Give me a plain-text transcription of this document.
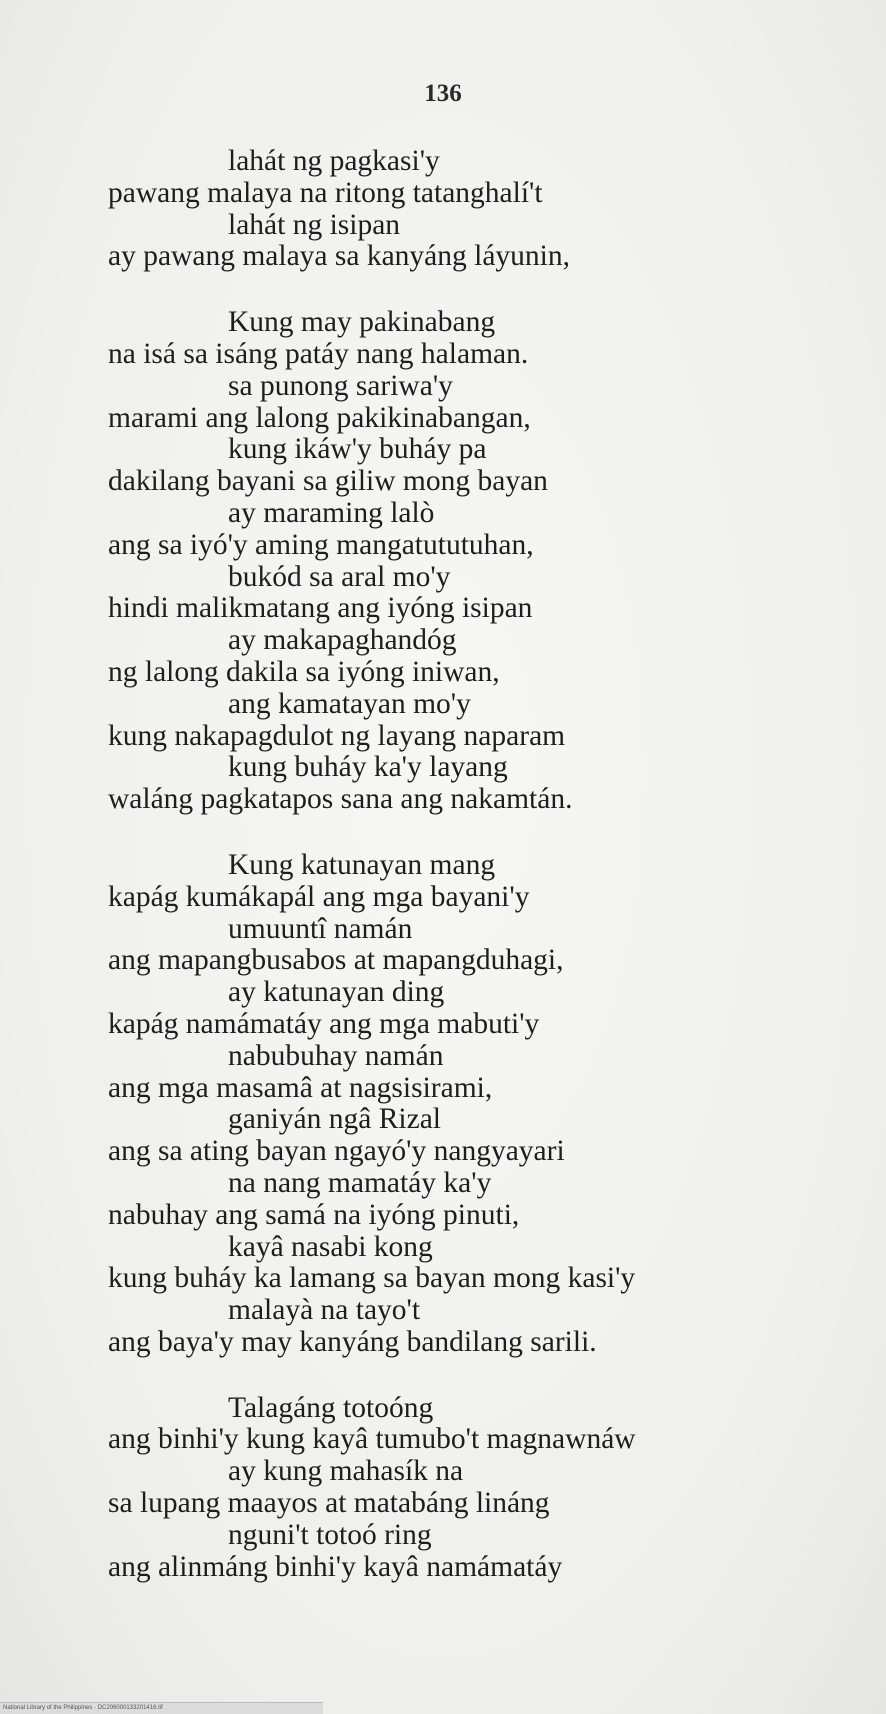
136
lahát ng pagkasi'y
pawang malaya na ritong tatanghalí't
lahát ng isipan
ay pawang malaya sa kanyáng láyunin,
Kung may pakinabang
na isá sa isáng patáy nang halaman.
sa punong sariwa'y
marami ang lalong pakikinabangan,
kung ikáw'y buháy pa
dakilang bayani sa giliw mong bayan
ay maraming lalò
ang sa iyó'y aming mangatututuhan,
bukód sa aral mo'y
hindi malikmatang ang iyóng isipan
ay makapaghandóg
ng lalong dakila sa iyóng iniwan,
ang kamatayan mo'y
kung nakapagdulot ng layang naparam
kung buháy ka'y layang
waláng pagkatapos sana ang nakamtán.
Kung katunayan mang
kapág kumákapál ang mga bayani'y
umuuntî namán
ang mapangbusabos at mapangduhagi,
ay katunayan ding
kapág namámatáy ang mga mabuti'y
nabubuhay namán
ang mga masamâ at nagsisirami,
ganiyán ngâ Rizal
ang sa ating bayan ngayó'y nangyayari
na nang mamatáy ka'y
nabuhay ang samá na iyóng pinuti,
kayâ nasabi kong
kung buháy ka lamang sa bayan mong kasi'y
malayà na tayo't
ang baya'y may kanyáng bandilang sarili.
Talagáng totoóng
ang binhi'y kung kayâ tumubo't magnawnáw
ay kung mahasík na
sa lupang maayos at matabáng lináng
nguni't totoó ring
ang alinmáng binhi'y kayâ namámatáy
National Library of the Philippines · DC206000133201416.tif
